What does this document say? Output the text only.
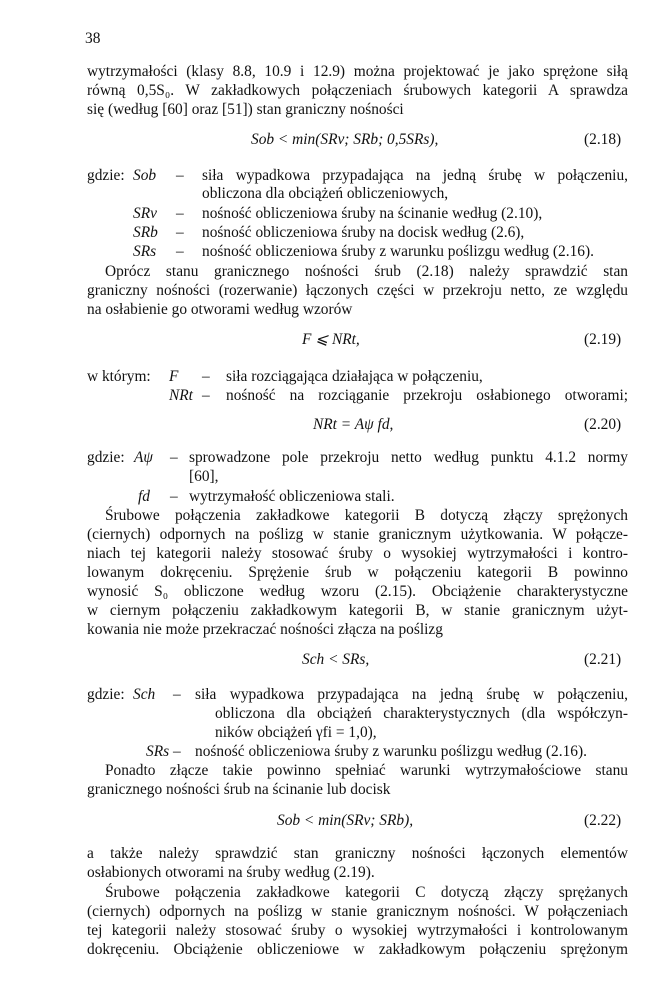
38
wytrzymałości (klasy 8.8, 10.9 i 12.9) można projektować je jako sprężone siłą
równą 0,5S₀. W zakładkowych połączeniach śrubowych kategorii A sprawdza
się (według [60] oraz [51]) stan graniczny nośności
Sob < min(SRv; SRb; 0,5SRs),	(2.18)
gdzie: Sob – siła wypadkowa przypadająca na jedną śrubę w połączeniu,
obliczona dla obciążeń obliczeniowych,
SRv – nośność obliczeniowa śruby na ścinanie według (2.10),
SRb – nośność obliczeniowa śruby na docisk według (2.6),
SRs – nośność obliczeniowa śruby z warunku poślizgu według (2.16).
Oprócz stanu granicznego nośności śrub (2.18) należy sprawdzić stan
graniczny nośności (rozerwanie) łączonych części w przekroju netto, ze względu
na osłabienie go otworami według wzorów
F ⩽ NRt,	(2.19)
w którym: F – siła rozciągająca działająca w połączeniu,
NRt – nośność na rozciąganie przekroju osłabionego otworami;
NRt = Aψ fd,	(2.20)
gdzie: Aψ – sprowadzone pole przekroju netto według punktu 4.1.2 normy
[60],
fd – wytrzymałość obliczeniowa stali.
Śrubowe połączenia zakładkowe kategorii B dotyczą złączy sprężonych
(ciernych) odpornych na poślizg w stanie granicznym użytkowania. W połącze-
niach tej kategorii należy stosować śruby o wysokiej wytrzymałości i kontro-
lowanym dokręceniu. Sprężenie śrub w połączeniu kategorii B powinno
wynosić S₀ obliczone według wzoru (2.15). Obciążenie charakterystyczne
w ciernym połączeniu zakładkowym kategorii B, w stanie granicznym użyt-
kowania nie może przekraczać nośności złącza na poślizg
Sch < SRs,	(2.21)
gdzie: Sch – siła wypadkowa przypadająca na jedną śrubę w połączeniu,
obliczona dla obciążeń charakterystycznych (dla współczyn-
ników obciążeń γfi = 1,0),
SRs – nośność obliczeniowa śruby z warunku poślizgu według (2.16).
Ponadto złącze takie powinno spełniać warunki wytrzymałościowe stanu
granicznego nośności śrub na ścinanie lub docisk
Sob < min(SRv; SRb),	(2.22)
a także należy sprawdzić stan graniczny nośności łączonych elementów
osłabionych otworami na śruby według (2.19).
Śrubowe połączenia zakładkowe kategorii C dotyczą złączy sprężanych
(ciernych) odpornych na poślizg w stanie granicznym nośności. W połączeniach
tej kategorii należy stosować śruby o wysokiej wytrzymałości i kontrolowanym
dokręceniu. Obciążenie obliczeniowe w zakładkowym połączeniu sprężonym
